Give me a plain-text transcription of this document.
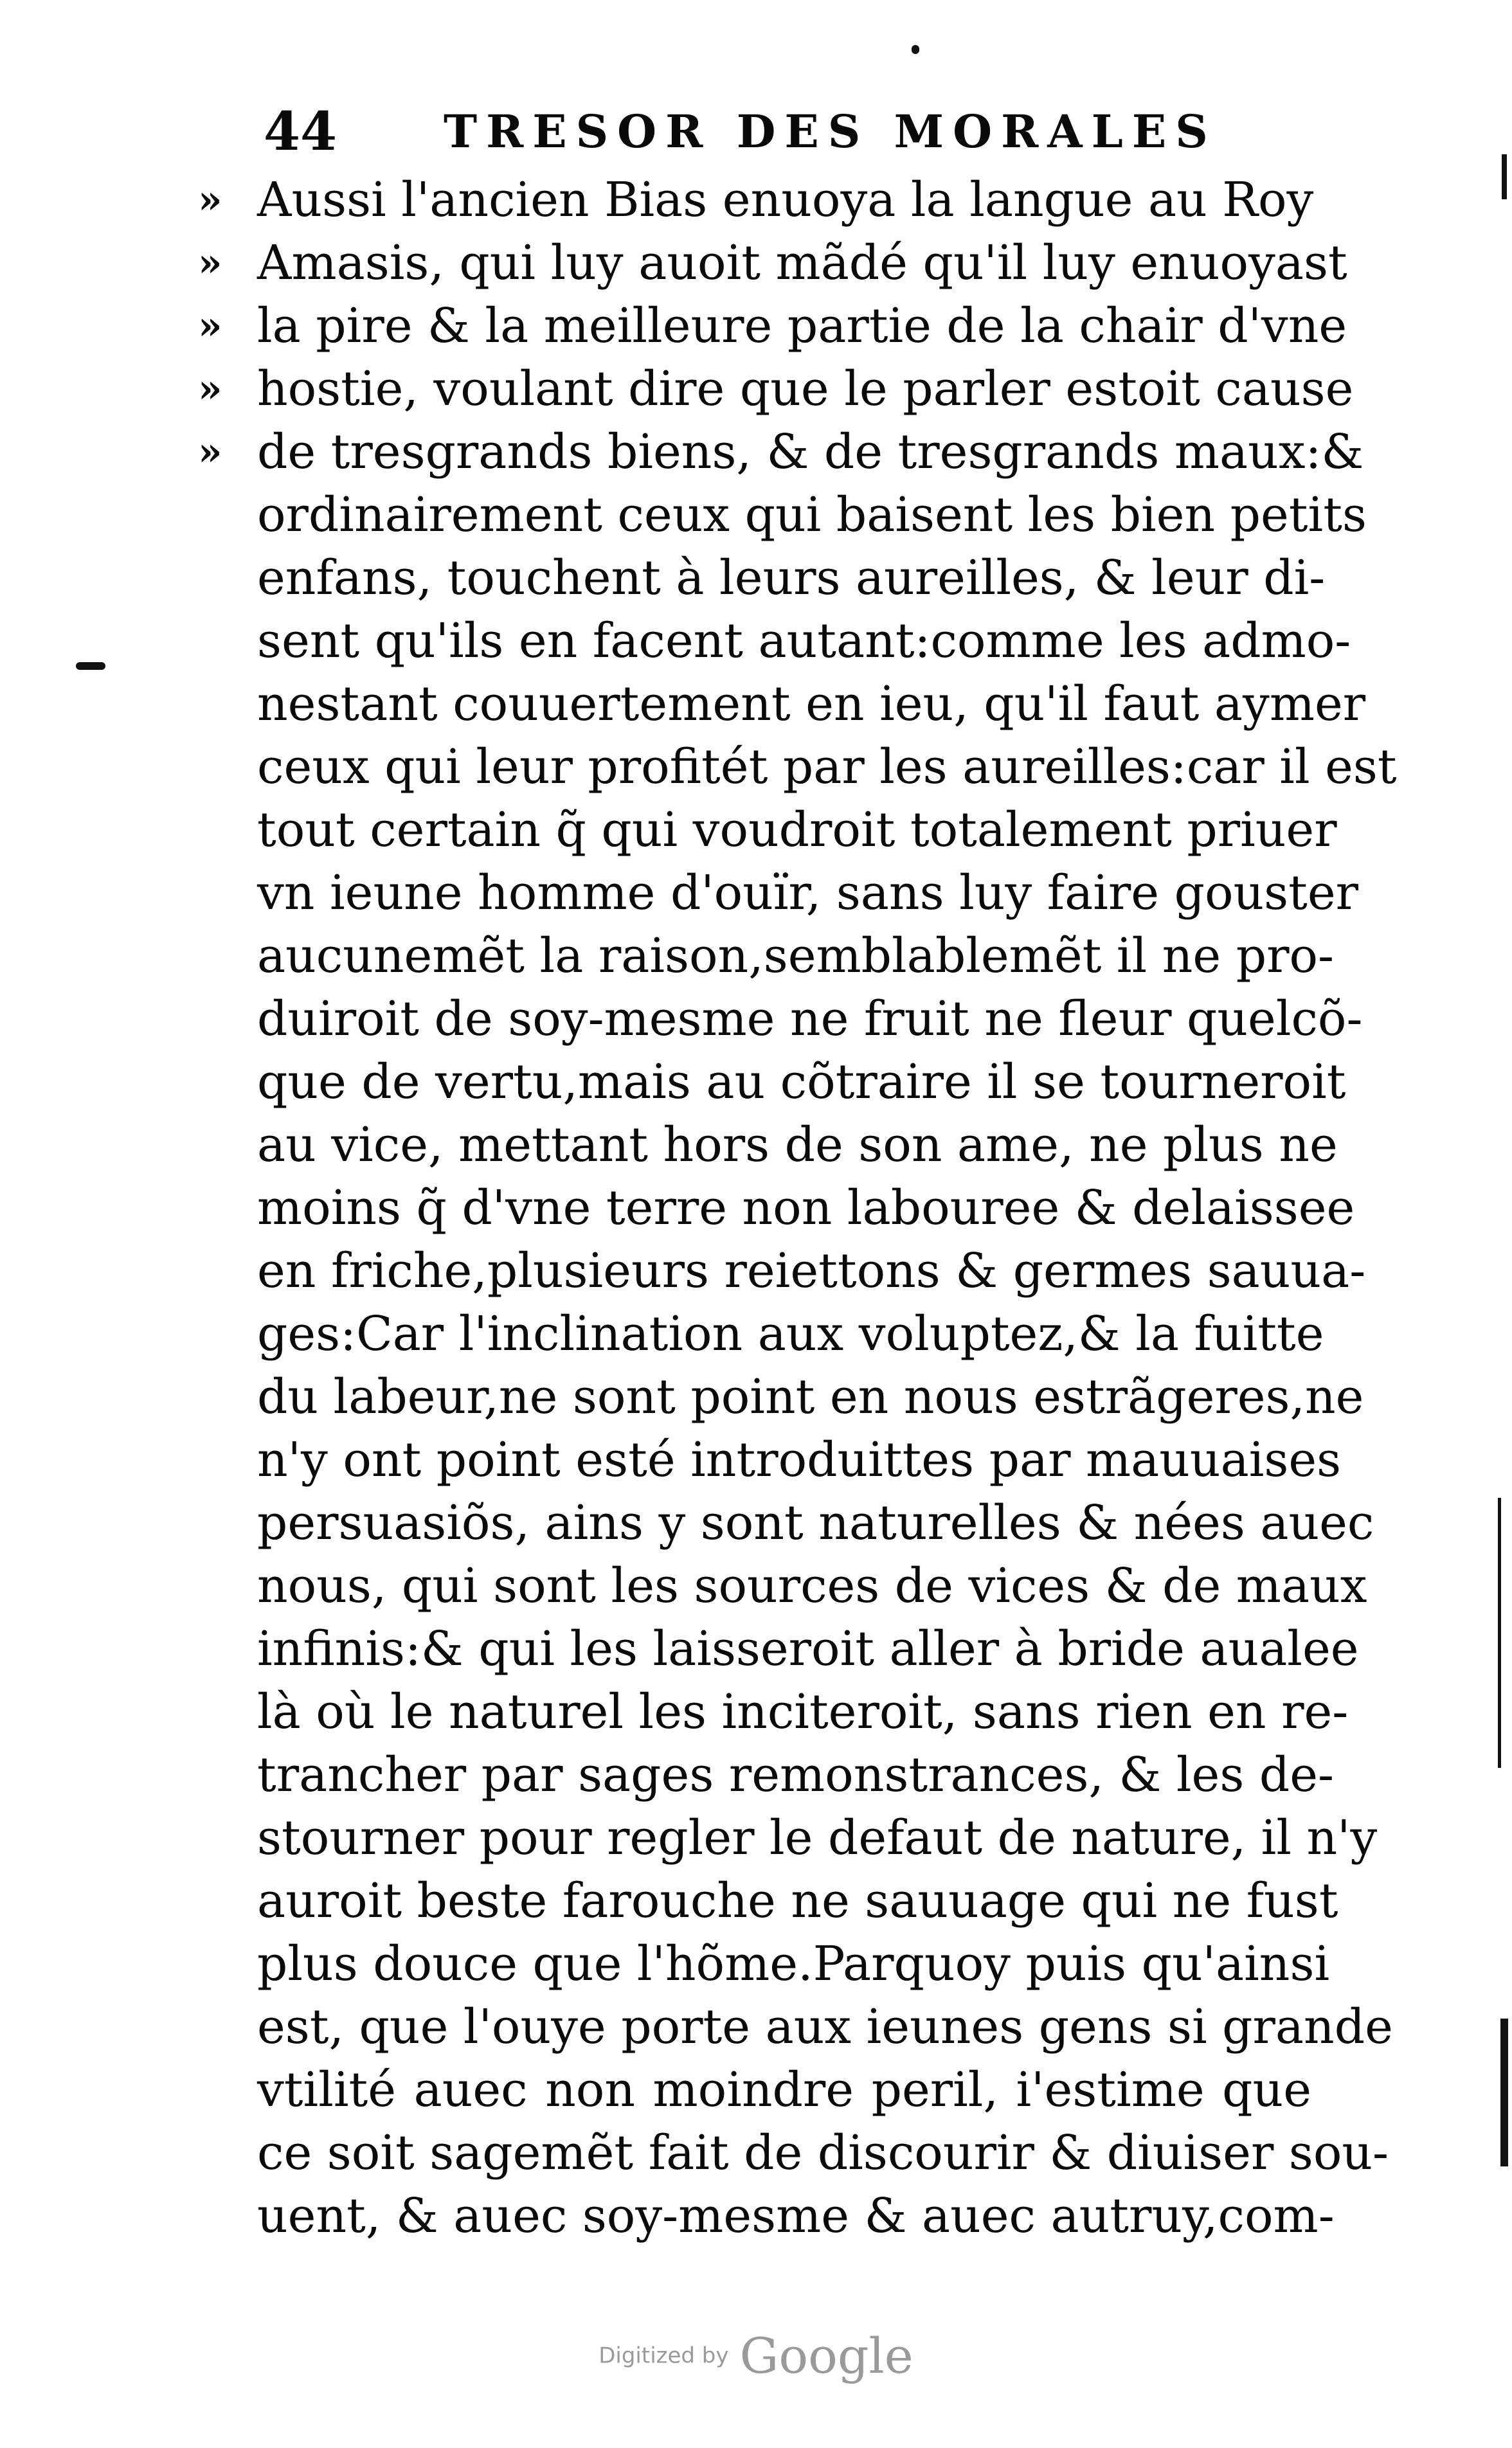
44 TRESOR DES MORALES
» Aussi l'ancien Bias enuoya la langue au Roy
» Amasis, qui luy auoit mãdé qu'il luy enuoyast
» la pire & la meilleure partie de la chair d'vne
» hostie, voulant dire que le parler estoit cause
» de tresgrands biens, & de tresgrands maux:&
ordinairement ceux qui baisent les bien petits
enfans, touchent à leurs aureilles, & leur di-
sent qu'ils en facent autant:comme les admo-
nestant couuertement en ieu, qu'il faut aymer
ceux qui leur profitét par les aureilles:car il est
tout certain q̃ qui voudroit totalement priuer
vn ieune homme d'ouïr, sans luy faire gouster
aucunemẽt la raison,semblablemẽt il ne pro-
duiroit de soy-mesme ne fruit ne fleur quelcõ-
que de vertu,mais au cõtraire il se tourneroit
au vice, mettant hors de son ame, ne plus ne
moins q̃ d'vne terre non labouree & delaissee
en friche,plusieurs reiettons & germes sauua-
ges:Car l'inclination aux voluptez,& la fuitte
du labeur,ne sont point en nous estrãgeres,ne
n'y ont point esté introduittes par mauuaises
persuasiõs, ains y sont naturelles & nées auec
nous, qui sont les sources de vices & de maux
infinis:& qui les laisseroit aller à bride aualee
là où le naturel les inciteroit, sans rien en re-
trancher par sages remonstrances, & les de-
stourner pour regler le defaut de nature, il n'y
auroit beste farouche ne sauuage qui ne fust
plus douce que l'hõme.Parquoy puis qu'ainsi
est, que l'ouye porte aux ieunes gens si grande
vtilité auec non moindre peril, i'estime que
ce soit sagemẽt fait de discourir & diuiser sou-
uent, & auec soy-mesme & auec autruy,com-
Digitized by Google
